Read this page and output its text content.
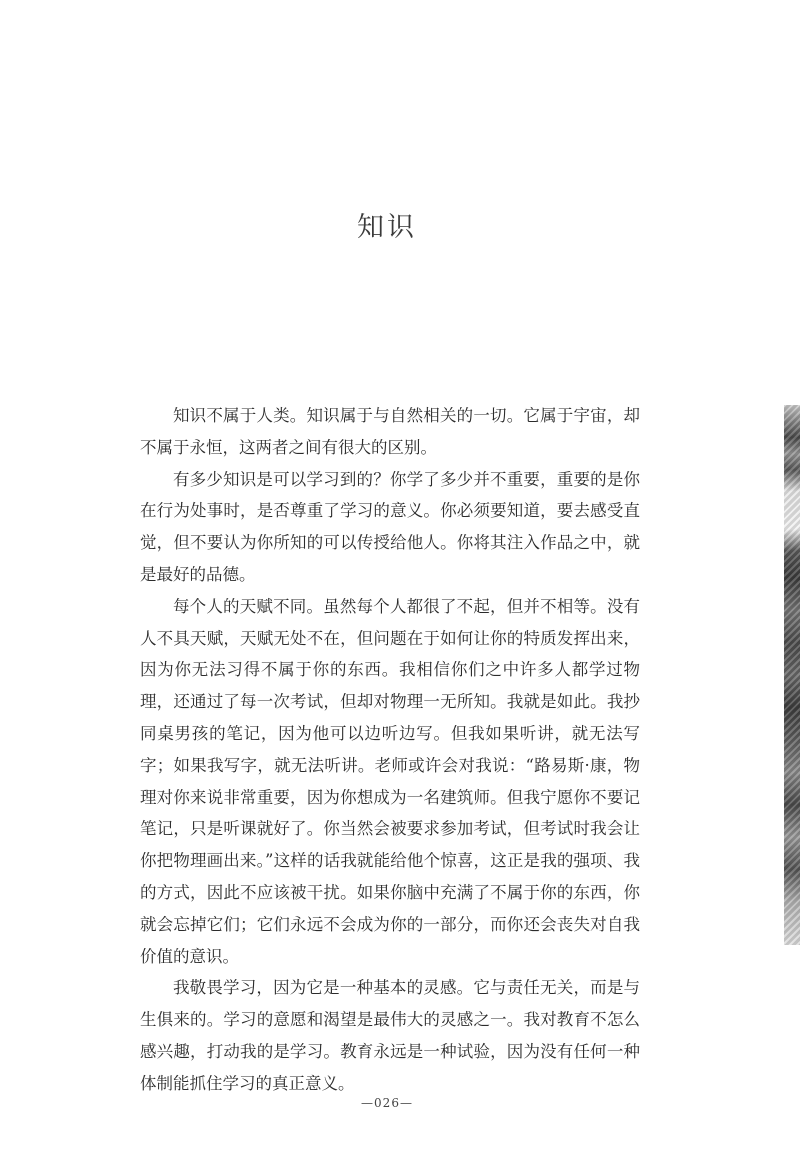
知识

知识不属于人类。知识属于与自然相关的一切。它属于宇宙，却不属于永恒，这两者之间有很大的区别。

有多少知识是可以学习到的？你学了多少并不重要，重要的是你在行为处事时，是否尊重了学习的意义。你必须要知道，要去感受直觉，但不要认为你所知的可以传授给他人。你将其注入作品之中，就是最好的品德。

每个人的天赋不同。虽然每个人都很了不起，但并不相等。没有人不具天赋，天赋无处不在，但问题在于如何让你的特质发挥出来，因为你无法习得不属于你的东西。我相信你们之中许多人都学过物理，还通过了每一次考试，但却对物理一无所知。我就是如此。我抄同桌男孩的笔记，因为他可以边听边写。但我如果听讲，就无法写字；如果我写字，就无法听讲。老师或许会对我说：“路易斯·康，物理对你来说非常重要，因为你想成为一名建筑师。但我宁愿你不要记笔记，只是听课就好了。你当然会被要求参加考试，但考试时我会让你把物理画出来。”这样的话我就能给他个惊喜，这正是我的强项、我的方式，因此不应该被干扰。如果你脑中充满了不属于你的东西，你就会忘掉它们；它们永远不会成为你的一部分，而你还会丧失对自我价值的意识。

我敬畏学习，因为它是一种基本的灵感。它与责任无关，而是与生俱来的。学习的意愿和渴望是最伟大的灵感之一。我对教育不怎么感兴趣，打动我的是学习。教育永远是一种试验，因为没有任何一种体制能抓住学习的真正意义。

—026—
